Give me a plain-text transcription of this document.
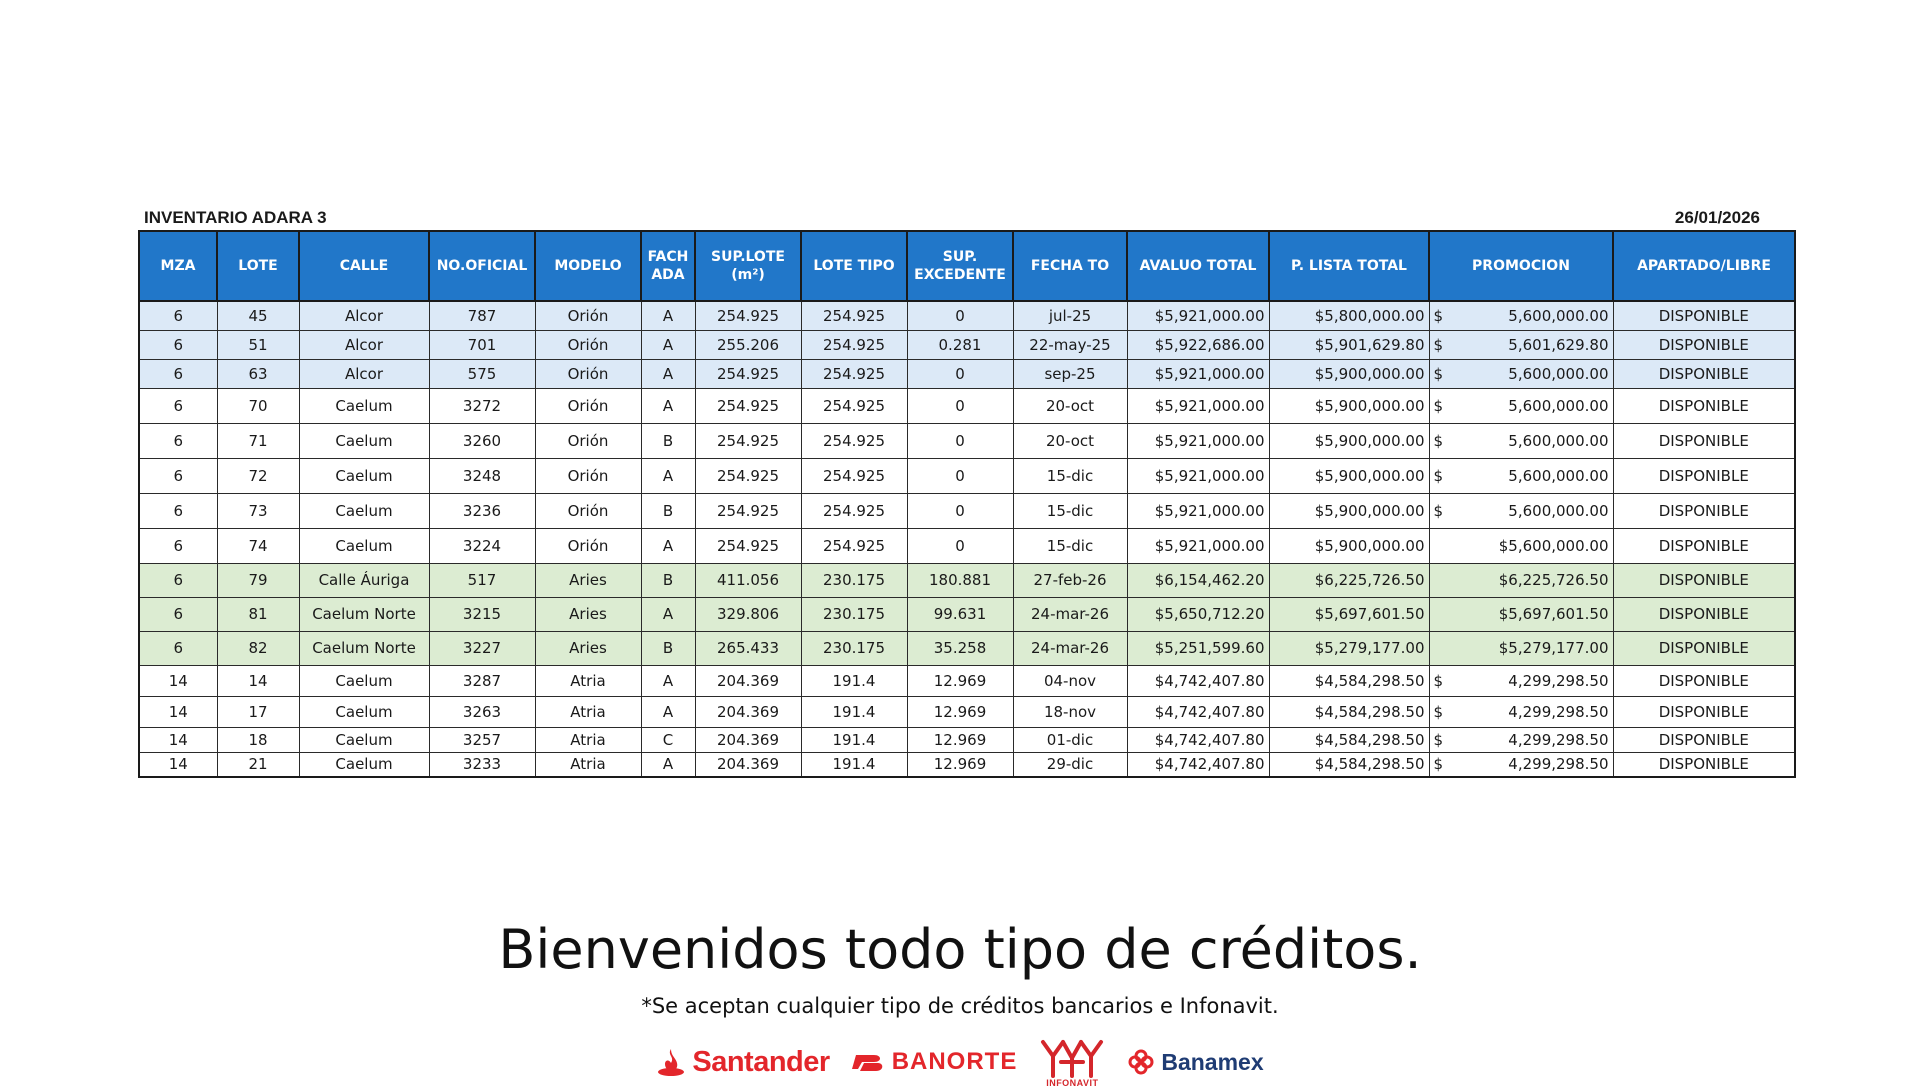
INVENTARIO ADARA 3	26/01/2026
MZA	LOTE	CALLE	NO.OFICIAL	MODELO	FACH ADA	SUP.LOTE (m²)	LOTE TIPO	SUP. EXCEDENTE	FECHA TO	AVALUO TOTAL	P. LISTA TOTAL	PROMOCION	APARTADO/LIBRE
6	45	Alcor	787	Orión	A	254.925	254.925	0	jul-25	$5,921,000.00	$5,800,000.00	$ 5,600,000.00	DISPONIBLE
6	51	Alcor	701	Orión	A	255.206	254.925	0.281	22-may-25	$5,922,686.00	$5,901,629.80	$ 5,601,629.80	DISPONIBLE
6	63	Alcor	575	Orión	A	254.925	254.925	0	sep-25	$5,921,000.00	$5,900,000.00	$ 5,600,000.00	DISPONIBLE
6	70	Caelum	3272	Orión	A	254.925	254.925	0	20-oct	$5,921,000.00	$5,900,000.00	$ 5,600,000.00	DISPONIBLE
6	71	Caelum	3260	Orión	B	254.925	254.925	0	20-oct	$5,921,000.00	$5,900,000.00	$ 5,600,000.00	DISPONIBLE
6	72	Caelum	3248	Orión	A	254.925	254.925	0	15-dic	$5,921,000.00	$5,900,000.00	$ 5,600,000.00	DISPONIBLE
6	73	Caelum	3236	Orión	B	254.925	254.925	0	15-dic	$5,921,000.00	$5,900,000.00	$ 5,600,000.00	DISPONIBLE
6	74	Caelum	3224	Orión	A	254.925	254.925	0	15-dic	$5,921,000.00	$5,900,000.00	$5,600,000.00	DISPONIBLE
6	79	Calle Áuriga	517	Aries	B	411.056	230.175	180.881	27-feb-26	$6,154,462.20	$6,225,726.50	$6,225,726.50	DISPONIBLE
6	81	Caelum Norte	3215	Aries	A	329.806	230.175	99.631	24-mar-26	$5,650,712.20	$5,697,601.50	$5,697,601.50	DISPONIBLE
6	82	Caelum Norte	3227	Aries	B	265.433	230.175	35.258	24-mar-26	$5,251,599.60	$5,279,177.00	$5,279,177.00	DISPONIBLE
14	14	Caelum	3287	Atria	A	204.369	191.4	12.969	04-nov	$4,742,407.80	$4,584,298.50	$ 4,299,298.50	DISPONIBLE
14	17	Caelum	3263	Atria	A	204.369	191.4	12.969	18-nov	$4,742,407.80	$4,584,298.50	$ 4,299,298.50	DISPONIBLE
14	18	Caelum	3257	Atria	C	204.369	191.4	12.969	01-dic	$4,742,407.80	$4,584,298.50	$ 4,299,298.50	DISPONIBLE
14	21	Caelum	3233	Atria	A	204.369	191.4	12.969	29-dic	$4,742,407.80	$4,584,298.50	$ 4,299,298.50	DISPONIBLE
Bienvenidos todo tipo de créditos.
*Se aceptan cualquier tipo de créditos bancarios e Infonavit.
Santander	BANORTE
INFONAVIT
Banamex
